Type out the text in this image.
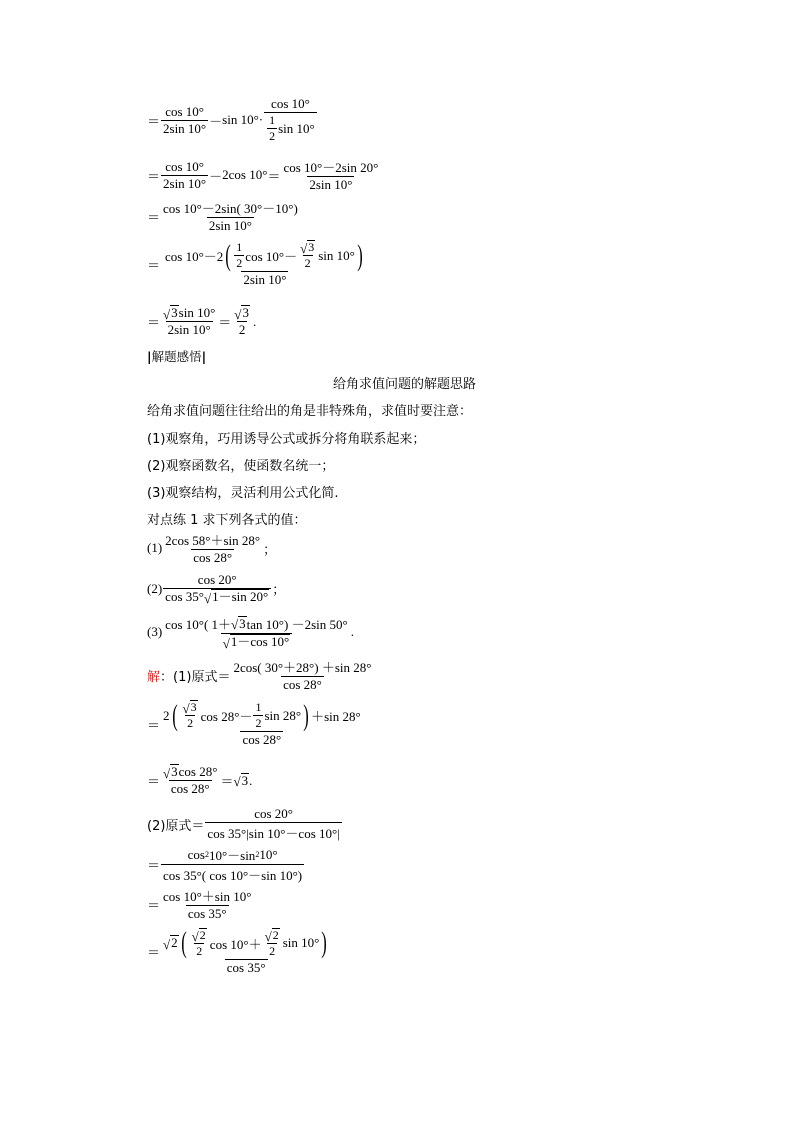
＝ $\frac{\cos 10^\circ}{2\sin 10^\circ} - \sin 10^\circ \cdot \frac{\cos 10^\circ}{\frac{1}{2} \sin 10^\circ}$
＝ $\frac{\cos 10^\circ}{2\sin 10^\circ} - 2\cos$ $10^\circ = \frac{\cos 10^\circ-2\sin 20^\circ}{2\sin 10^\circ}$
＝ $\frac{\cos 10^\circ-2\sin( 30^\circ-10^\circ)}{2\sin 10^\circ}$
＝ $\frac{\cos 10^\circ-2 ( \frac{1}{2} \cos 10^\circ- \frac{√ 3}{2} \sin 10^\circ )}{2\sin 10^\circ}$
＝ $\frac{√ 3 \sin 10^\circ}{2\sin 10^\circ} = \frac{√ 3}{2}$ .
| 解题感悟 |
给角求值问题的解题思路
给角求值问题往往给出的角是非特殊角，求值时要注意：
(1)观察角，巧用诱导公式或拆分将角联系起来；
(2)观察函数名，使函数名统一；
(3)观察结构，灵活利用公式化简.
对点练 1 求下列各式的值：
$(1) \frac{2\cos 58^\circ+\sin 28^\circ}{\cos 28^\circ}$ ；
$(2) \frac{\cos 20^\circ}{\cos 35^\circ √ 1-\sin 20^\circ}$ ；
$(3) \frac{\cos 10^\circ( 1+ √ 3 \tan 10^\circ) -2\sin 50^\circ}{√ 1-\cos 10^\circ}$ .
解 ： (1)原式＝ $\frac{2\cos( 30^\circ+28^\circ) +\sin 28^\circ}{\cos 28^\circ}$
＝ $\frac{2 ( \frac{√ 3}{2} \cos 28^\circ- \frac{1}{2} \sin 28^\circ ) +\sin 28^\circ}{\cos 28^\circ}$
＝ $\frac{√ 3 \cos 28^\circ}{\cos 28^\circ}$ ＝ √ 3 .
(2)原式＝ $\frac{\cos 20^\circ}{\cos 35^\circ|\sin 10^\circ-\cos 10^\circ|}$
＝ $\frac{\cos 2 10^\circ-\sin 2 10^\circ}{\cos 35^\circ( \cos 10^\circ-\sin 10^\circ)}$
＝ $\frac{\cos 10^\circ+\sin 10^\circ}{\cos 35^\circ}$
＝ $\frac{√ 2 ( \frac{√ 2}{2} \cos 10^\circ+ \frac{√ 2}{2} \sin 10^\circ )}{\cos 35^\circ}$
